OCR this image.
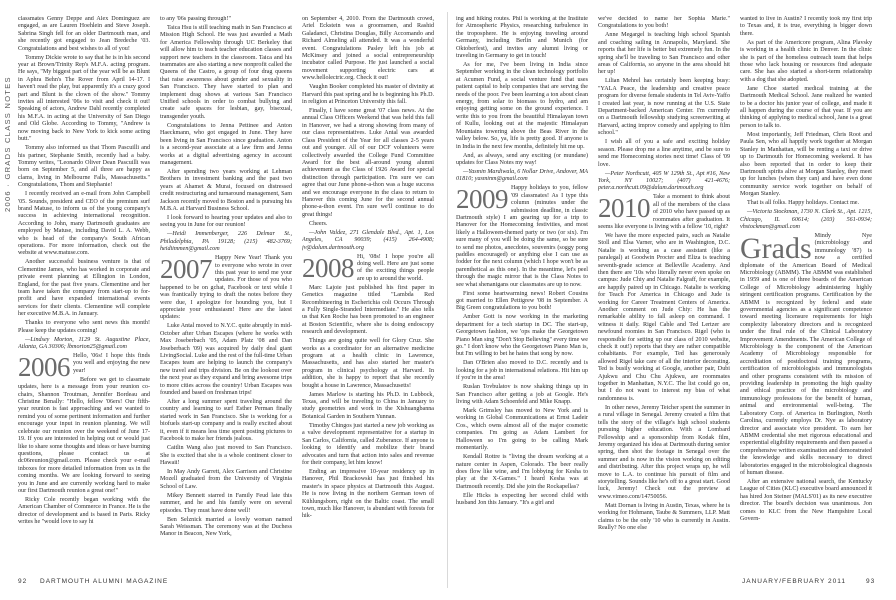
2006 · GRADS CLASS NOTES

classmates Genny Deppe and Alex Dominguez are engaged, as are Lauren Hoehlein and Steve Joseph. Sabrina Singh fell for an older Dartmouth man, and she recently got engaged to Jean Bredeche '03. Congratulations and best wishes to all of you!

Tommy Dickie wrote to say that he is in his second year at Brown/Trinity Rep's M.F.A. acting program. He says, "My biggest part of the year will be as Blunt in Aphra Behn's The Rover from April 14-17. I haven't read the play, but apparently it's a crazy good part and Blunt is the clown of the show." Tommy invites all interested '06s to visit and check it out! Speaking of actors, Andrew Dahl recently completed his M.F.A. in acting at the University of San Diego and Old Globe. According to Tommy, "Andrew is now moving back to New York to kick some acting butt."

Tommy also informed us that Thom Pascuilli and his partner, Stephanie Smith, recently had a baby. Tommy writes, "Leonardo Oliver Dean Pascuilli was born on September 5, and all three are happy as clams, living in Melbourne Falls, Massachusetts." Congratulations, Thom and Stephanie!

I recently received an e-mail from John Campbell '05. Sounds, president and CEO of the premium surf brand Matuse, to inform us of the young company's success in achieving international recognition. According to John, many Dartmouth graduates are employed by Matuse, including David L. A. Webb, who is head of the company's South African operations. For more information, check out the website at www.matuse.com.

Another successful business venture is that of Clementine James, who has worked in corporate and private event planning at Ellington in London, England, for the past five years. Clementine and her team have taken the company from start-up to for-profit and have expanded international events services for their clients. Clementine will complete her executive M.B.A. in January.

Thanks to everyone who sent news this month! Please keep the updates coming!

—Lindsey Morton, 1129 St. Augustine Place, Atlanta, GA 30306; lbmorton25@gmail.com

2006 Hello, '06s! I hope this finds you well and enjoying the new year!

Before we get to classmate updates, here is a message from your reunion co-chairs, Shannon Troutman, Jennifer Bordeau and Christine Benally: "Hello, fellow '06ers! Our fifth-year reunion is fast approaching and we wanted to remind you of some pertinent information and further encourage your input in reunion planning. We will celebrate our reunion over the weekend of June 17-19. If you are interested in helping out or would just like to share some thoughts and ideas or have burning questions, please contact us at dc06reunion@gmail.com. Please check your e-mail inboxes for more detailed information from us in the coming months. We are looking forward to seeing you in June and are currently working hard to make our first Dartmouth reunion a great one!"

Ricky Cole recently began working with the American Chamber of Commerce in France. He is the director of development and is based in Paris. Ricky writes he "would love to say hi

to any '06s passing through!"

Taica Hsu is still teaching math in San Francisco at Mission High School. He was just awarded a Math for America Fellowship through UC Berkeley that will allow him to teach teacher education classes and support new teachers in the classroom. Taica and his teammates are also starting a new nonprofit called the Queens of the Castro, a group of four drag queens that raise awareness about gender and sexuality in San Francisco. They have started to plan and implement drag shows at various San Francisco Unified schools in order to combat bullying and create safe spaces for lesbian, gay, bisexual, transgender youth.

Congratulations to Jenna Pettinee and Anton Haeckmann, who got engaged in June. They have been living in San Francisco since graduation. Anton is a second-year associate at a law firm and Jenna works at a digital advertising agency in account management.

After spending two years working at Lehman Brothers in investment banking and the past two years at Ahamet & Murai, focused on distressed credit restructuring and turnaround management, Sam Jackson recently moved to Boston and is pursuing his M.B.A. at Harvard Business School.

I look forward to hearing your updates and also to seeing you in June for our reunion!

—Heidi Immenberger, 226 Delmar St., Philadelphia, PA 19128; (215) 482-3769; heidiimmen@gmail.com

2007 Happy New Year! Thank you to everyone who wrote in over this past year to send me your updates. For those of you who happened to be on gchat, Facebook or text while I was frantically trying to draft the notes before they were due, I apologize for hounding you, but I appreciate your enthusiasm! Here are the latest updates:

Luke Antal moved to N.Y.C. quite abruptly in mid-October after Urban Escapes (where he works with Max Joseberbach '05, Adam Platz '08 and Dan Joseberbach '09) was acquired by daily deal giant LivingSocial. Luke and the rest of the full-time Urban Escapes team are helping to launch the company's new travel and trips division. Be on the lookout over the next year as they expand and bring awesome trips to more cities across the country! Urban Escapes was founded and based on freshman trips!

After a long summer spent traveling around the country and learning to surf Esther Perman finally started work in San Francisco. She is working for a biofuels start-up company and is really excited about it, even if it means less time spent posting pictures to Facebook to make her friends jealous.

Caitlin Wang also just moved to San Francisco. She is excited that she is a whole continent closer to Hawaii!

In May Andy Garrett, Alex Garrison and Christine Mozell graduated from the University of Virginia School of Law.

Mikey Bennett starred in Family Feud late this summer, and he and his family were on several episodes. They must have done well!

Ben Selznick married a lovely woman named Sarah Weissman. The ceremony was at the Duchess Manor in Beacon, New York,

on September 4, 2010. From the Dartmouth crowd, Ariel Eckstein was a groomsmen, and Rashid Galadanci, Christina Douglas, Billy Accomando and Richard Almeling all attended. It was a wonderful event. Congratulations Pasley left his job at McKinsey and joined a social entrepreneurship incubator called Purpose. He just launched a social movement supporting electric cars at www.hellolectric.org. Check it out!

Vaughn Booker completed his master of divinity at Harvard this past spring and he is beginning his Ph.D. in religion at Princeton University this fall.

Finally, I have some great '07 class news. At the annual Class Officers Weekend that was held this fall in Hanover, we had a strong showing from many of our class representatives. Luke Antal was awarded Class President of the Year for all classes 2-5 years out and younger. All of our DCF volunteers were collectively awarded the College Fund Committee Award for the best all-around young alumni achievement as the Class of 1926 Award for special distinction through participation. I'm sure we can agree that our June phone-a-thon was a huge success and we encourage everyone in the class to return to Hanover this coming June for the second annual phone-a-thon event. I'm sure we'll continue to do great things!

Cheers.

—John Valdez, 271 Glendale Blvd., Apt. 1, Los Angeles, CA 90039; (415) 264-4908; jv@dalum.dartmouth.org

2008 Hi, '08s! I hope you're all doing well. Here are just some of the exciting things people are up to around the world.

Marc Lajoie just published his first paper in Genetics magazine titled "Lambda Red Recombineering in Escherichia coli Occurs Through a Fully Single-Stranded Intermediate." He also tells us that Ken Roche has been promoted to an engineer at Boston Scientific, where she is doing endoscopy research and development.

Things are going quite well for Glory Cruz. She works as a coordinator for an alternative medicine program at a health clinic in Lawrence, Massachusetts, and has also started her master's program in clinical psychology at Harvard. In addition, she is happy to report that she recently bought a house in Lawrence, Massachusetts!

James Marlow is starting his Ph.D. in Lubbock, Texas, and will be traveling to China in January to study geometries and work in the Xishuangbanna Botanical Garden in Southern Yunnan.

Timothy Chingos just started a new job working as a valve development representative for a startup in San Carlos, California, called Zuberance. If anyone is looking to identify and mobilize their brand advocates and turn that action into sales and revenue for their company, let him know!

Ending an impressive 10-year residency up in Hanover, Phil Brackowski has just finished his master's in space physics at Dartmouth this August. He is now living in the northern German town of Kühlungsborn, right on the Baltic coast. The small town, much like Hanover, is abundant with forests for hik-

ing and hiking routes. Phil is working at the Institute for Atmospheric Physics, researching turbulence in the troposphere. He is enjoying traveling around Germany, including Berlin and Munich (for Oktoberfest), and invites any alumni living or traveling in Germany to get in touch!

As for me, I've been living in India since September working in the clean technology portfolio at Acumen Fund, a social venture fund that uses patient capital to help companies that are serving the needs of the poor. I've been learning a ton about clean energy, from solar to biomass to hydro, and am enjoying getting some on the ground experience. I write this to you from the beautiful Himalayan town of Kullu, looking out at the majestic Himalayan Mountains towering above the Beas River in the valley below. So, ya, life is pretty good. If anyone is in India in the next few months, definitely hit me up.

And, as always, send any exciting (or mundane) updates for Class Notes my way!

—Yasmin Mardiwala, 6 Nollar Drive, Andover, MA 01810; yasminm@gmail.com

2009 Happy holidays to you, fellow '09 classmates! As I type this column (minutes under the submission deadline, in classic Dartmouth style) I am gearing up for a trip to Hanover for the Homecoming festivities, and most likely a Halloween-themed party or two (or six). I'm sure many of you will be doing the same, so be sure to send me photos, anecdotes, souvenirs (soggy pong paddles encouraged) or anything else I can use as fodder for the next column (which I hope won't be as parenthetical as this one). In the meantime, let's peel through the magic mirror that is the Class Notes to see what shenanigans our classmates are up to now.

First some heartwarming news! Robert Cousins got married to Ellen Pettigrew '08 in September. A Big Green congratulations to you both!

Amber Gott is now working in the marketing department for a tech startup in DC. The start-up, Georgetown fashion, we 'ops make the Georgetown Piano Man sing "Don't Stop Believing" every time we go." I don't know who the Georgetown Piano Man is, but I'm willing to bet he hates that song by now.

Dan O'Brien also moved to D.C. recently and is looking for a job in international relations. Hit him up if you're in the area!

Ruslan Tovbulatov is now shaking things up in San Francisco after getting a job at Google. He's living with Adam Schoenfeld and Mike Knapp.

Mark Grimsley has moved to New York and is working in Global Communications at Ernst Ladeir Cos., which owns almost all of the major cosmetic companies. I'm going as Adam Lambert for Halloween so I'm going to be calling Mark momentarily.

Kendall Rottre is "living the dream working at a nature center in Aspen, Colorado. The beer really does flow like wine, and I'm lobbying for Kesha to play at the X-Games." I heard Kesha was at Dartmouth recently. Did she join the Rockapellas?

Elle Hicks is expecting her second child with husband Jon this January. "It's a girl and

we've decided to name her Sophia Marie." Congratulations to you both!

Anne Megargel is teaching high school Spanish and coaching sailing in Annapolis, Maryland. She reports that her life is better but extremely fun. In the spring she'll be traveling to San Francisco and other areas of California, so anyone in the area should hit her up!

Lilian Mehrel has certainly been keeping busy: "YALA Peace, the leadership and creative peace program for diverse female students in Tel Aviv-Yaffo I created last year, is now running at the U.S. State Department-backed American Center. I'm currently on a Dartmouth fellowship studying screenwriting at Harvard, acting improv comedy and applying to film school."

I wish all of you a safe and exciting holiday season. Please drop me a line anytime, and be sure to send me Homecoming stories next time! Class of '09 love.

—Peter Northcutt, 405 W 129th St., Apt #16, New York, NY 10027; (407) 421-4676; peter.a.northcutt.09@dalum.dartmouth.org

2010 Take a moment to think about all of the members of the class of 2010 who have passed up as roommates after graduation. It seems like everyone is living with a fellow '10, right?

We have the more expected pairs, such as Natalie Stoll and Elsa Varner, who are in Washington, D.C. Natalie is working as a case assistant (like a paralegal) at Goodwin Procter and Eliza is teaching seventh-grade science at Belleville Academy. And then there are '10s who literally never even spoke on campus: Jude Chiy and Natalie Falgraff, for example, are happily paired up in Chicago. Natalie is working for Teach For America in Chicago and Jude is working for Career Treatment Centers of America. Another comment on Jude Chiy: He has the remarkable ability to fall asleep on command. I witness it daily. Rigel Cable and Ted Lertzer are newfound roomies in San Francisco. Rigel (who is responsible for setting up our class of 2010 website, check it out!) reports that they are rather compatible cohabitants. For example, Ted has generously allowed Rigel take care of all the interior decorating. Ted is busily working at Google, another pair, Dubi Ajukwu and Chu Chu Ajukwu, are roommates together in Manhattan, N.Y.C. The list could go on, but I do not want to interest my bias of what randomness is.

In other news, Jeremy Teicher spent the summer in a rural village in Senegal. Jeremy created a film that tells the story of the village's high school students pursuing higher education. With a Lombard Fellowship and a sponsorship from Kodak film, Jeremy organized his idea at Dartmouth during senior spring, then shot the footage in Senegal over the summer and is now in the vision working on editing and distributing. After this project wraps up, he will move to L.A. to continue his pursuit of film and storytelling. Sounds like he's off to a great start. Good luck, Jeremy! Check out the preview at www.vimeo.com/14750056.

Matt Dornan is living in Austin, Texas, where he is working for Hohmann, Taube & Summers, LLP. Matt claims to be the only '10 who is currently in Austin. Really? No one else

wanted to live in Austin? I recently took my first trip to Texas and, it is true, everything is bigger down there.

As part of the Americore program, Alina Plavsky is working in a health clinic in Denver. In the clinic she is part of the homeless outreach team that helps those who lack housing or resources find adequate care. She has also started a short-term relationship with a dog that she adopted.

Jane Choe started medical training at the Dartmouth Medical School. Jane realized he wanted to be a doctor his junior year of college, and made it all happen during the course of that year. If you are thinking of applying to medical school, Jane is a great person to talk to.

Most importantly, Jeff Friedman, Chris Root and Paula Sen, who all happily work together at Morgan Stanley in Manhattan, will be renting a taxi or drive up to Dartmouth for Homecoming weekend. It has also been reported that in order to keep their Dartmouth spirits alive at Morgan Stanley, they meet up for lunches (when they can) and have even done community service work together on behalf of Morgan Stanley.

That is all folks. Happy holidays. Contact me.

—Victoria Stockman, 1730 N. Clark St., Apt. 1215, Chicago, IL 60614; (203) 561-0934; vhstockman@gmail.com

Grads Mindy Nye (microbiology and immunology '87) is now a certified diplomate of the American Board of Medical Microbiology (ABMM). The ABMM was established in 1959 and is one of three boards of the American College of Microbiology administering highly stringent certification programs. Certification by the ABMM is recognized by federal and state governmental agencies as a significant competence toward meeting licensure requirements for high complexity laboratory directors and is recognized under the final rule of the Clinical Laboratory Improvement Amendments. The American College of Microbiology is the component of the American Academy of Microbiology responsible for accreditation of postdoctoral training programs, certification of microbiologists and immunologists and other programs consistent with its mission of providing leadership in promoting the high quality and ethical practice of the microbiology and immunology professions for the benefit of human, animal and environmental well-being. The Laboratory Corp. of America in Burlington, North Carolina, currently employs Dr. Nye as laboratory director and associate vice president. To earn her ABMM credential she met rigorous educational and experiential eligibility requirements and then passed a comprehensive written examination and demonstrated the knowledge and skills necessary to direct laboratories engaged in the microbiological diagnosis of human disease.

After an extensive national search, the Kentucky League of Cities (KLC) executive board announced it has hired Jon Steiner (MALS'01) as its new executive director. The board's decision was unanimous. Jon comes to KLC from the New Hampshire Local Govern-

92 DARTMOUTH ALUMNI MAGAZINE	JANUARY/FEBRUARY 2011	93
